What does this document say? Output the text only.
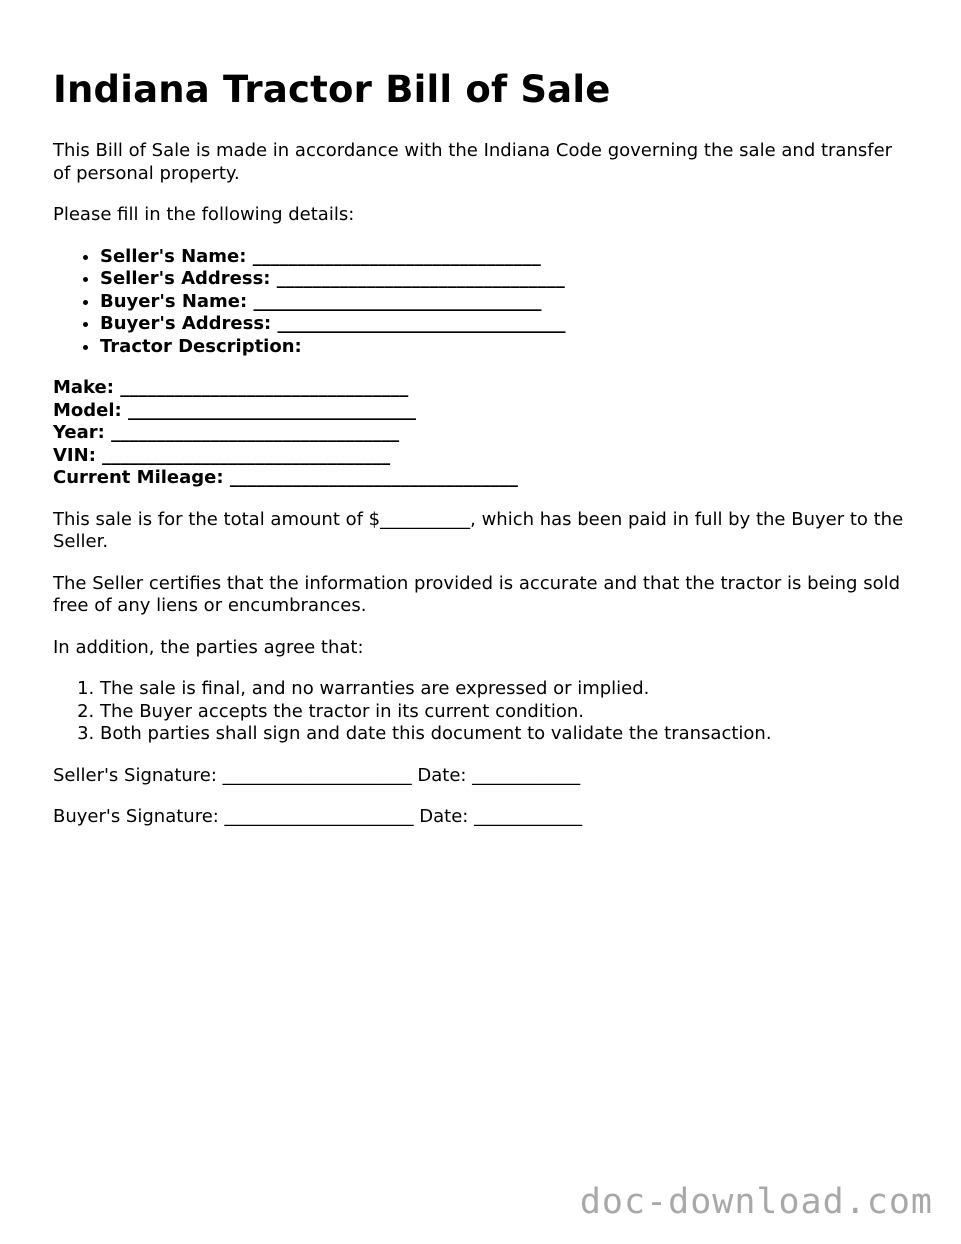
Indiana Tractor Bill of Sale

This Bill of Sale is made in accordance with the Indiana Code governing the sale and transfer of personal property.

Please fill in the following details:

• Seller's Name: ________________________________
• Seller's Address: ________________________________
• Buyer's Name: ________________________________
• Buyer's Address: ________________________________
• Tractor Description:
Make: ________________________________
Model: ________________________________
Year: ________________________________
VIN: ________________________________
Current Mileage: ________________________________

This sale is for the total amount of $__________, which has been paid in full by the Buyer to the Seller.

The Seller certifies that the information provided is accurate and that the tractor is being sold free of any liens or encumbrances.

In addition, the parties agree that:

1. The sale is final, and no warranties are expressed or implied.
2. The Buyer accepts the tractor in its current condition.
3. Both parties shall sign and date this document to validate the transaction.

Seller's Signature: _____________________ Date: ____________

Buyer's Signature: _____________________ Date: ____________

doc-download.com
